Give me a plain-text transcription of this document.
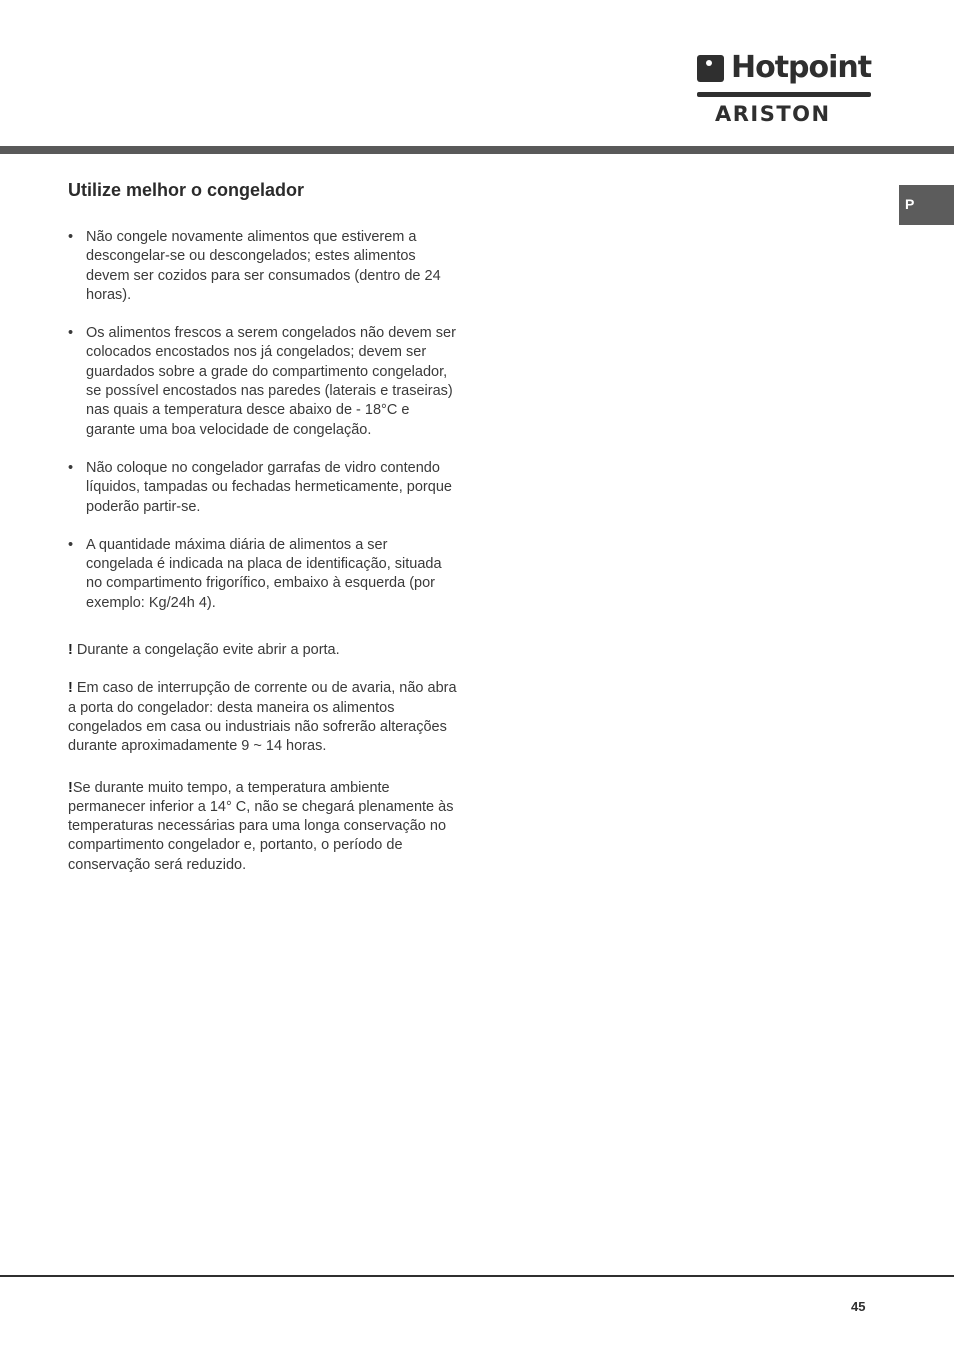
Hotpoint
ARISTON
P
Utilize melhor o congelador
• Não congele novamente alimentos que estiverem a descongelar-se ou descongelados; estes alimentos devem ser cozidos para ser consumados (dentro de 24 horas).
• Os alimentos frescos a serem congelados não devem ser colocados encostados nos já congelados; devem ser guardados sobre a grade do compartimento congelador, se possível encostados nas paredes (laterais e traseiras) nas quais a temperatura desce abaixo de - 18°C e garante uma boa velocidade de congelação.
• Não coloque no congelador garrafas de vidro contendo líquidos, tampadas ou fechadas hermeticamente, porque poderão partir-se.
• A quantidade máxima diária de alimentos a ser congelada é indicada na placa de identificação, situada no compartimento frigorífico, embaixo à esquerda (por exemplo: Kg/24h 4).

! Durante a congelação evite abrir a porta.

! Em caso de interrupção de corrente ou de avaria, não abra a porta do congelador: desta maneira os alimentos congelados em casa ou industriais não sofrerão alterações durante aproximadamente 9 ~ 14 horas.

!Se durante muito tempo, a temperatura ambiente permanecer inferior a 14° C, não se chegará plenamente às temperaturas necessárias para uma longa conservação no compartimento congelador e, portanto, o período de conservação será reduzido.

45
